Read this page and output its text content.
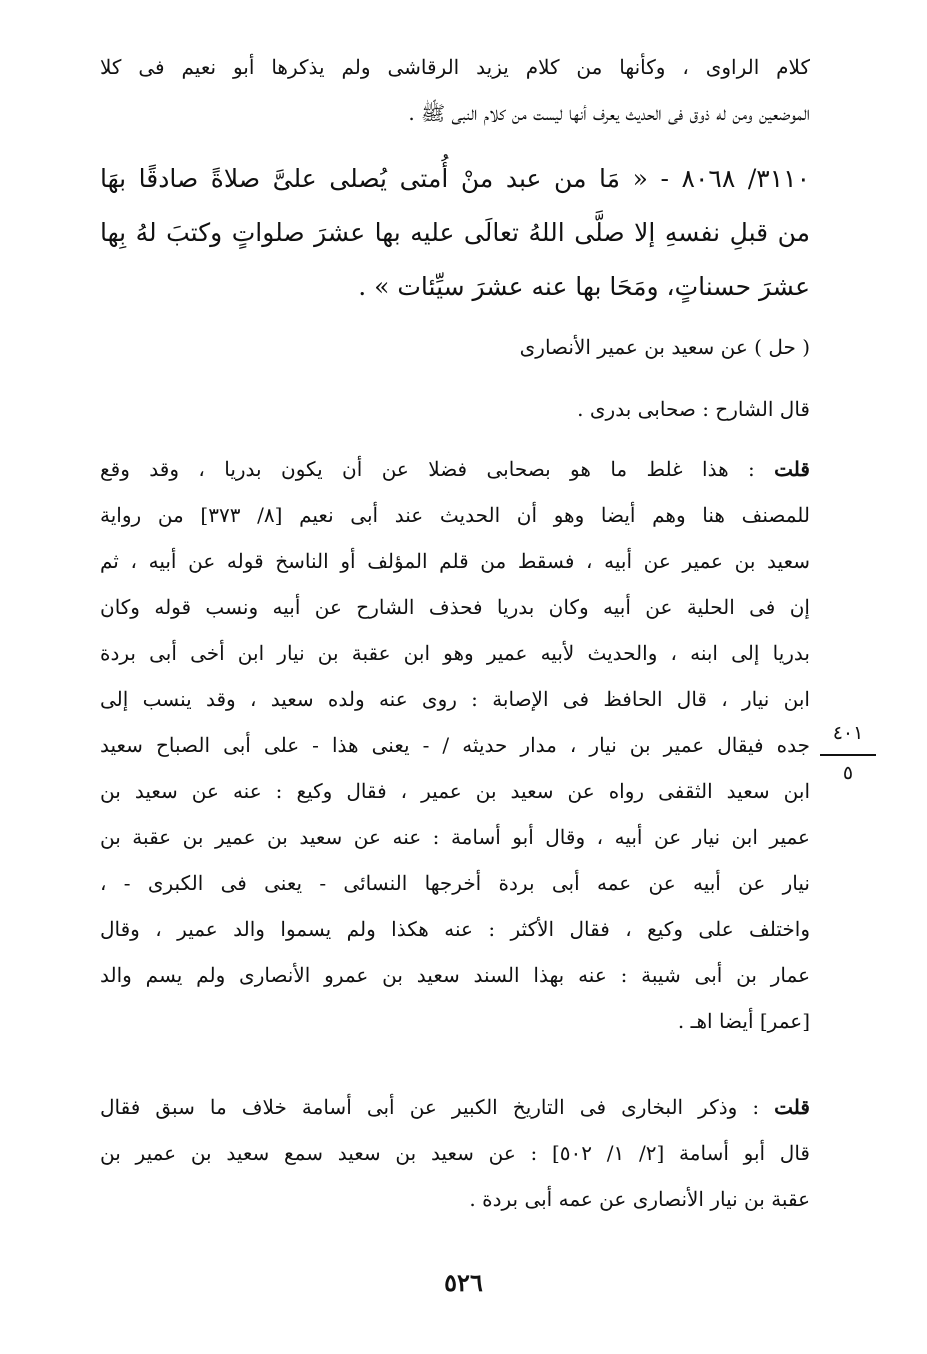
كلام الراوى ، وكأنها من كلام يزيد الرقاشى ولم يذكرها أبو نعيم فى كلا
الموضعين ومن له ذوق فى الحديث يعرف أنها ليست من كلام النبى ﷺ .
٣١١٠/ ٨٠٦٨ - « مَا من عبد منْ أُمتى يُصلى علىَّ صلاةً صادقًا بهَا
من قبلِ نفسهِ إلا صلَّى اللهُ تعالَى عليه بها عشرَ صلواتٍ وكتبَ لهُ بِها
عشرَ حسناتٍ، ومَحَا بها عنه عشرَ سيِّئات » .
( حل ) عن سعيد بن عمير الأنصارى
قال الشارح : صحابى بدرى .
قلت : هذا غلط ما هو بصحابى فضلا عن أن يكون بدريا ، وقد وقع
للمصنف هنا وهم أيضا وهو أن الحديث عند أبى نعيم [٨/ ٣٧٣] من رواية
سعيد بن عمير عن أبيه ، فسقط من قلم المؤلف أو الناسخ قوله عن أبيه ، ثم
إن فى الحلية عن أبيه وكان بدريا فحذف الشارح عن أبيه ونسب قوله وكان
بدريا إلى ابنه ، والحديث لأبيه عمير وهو ابن عقبة بن نيار ابن أخى أبى بردة
ابن نيار ، قال الحافظ فى الإصابة : روى عنه ولده سعيد ، وقد ينسب إلى
جده فيقال عمير بن نيار ، مدار حديثه / - يعنى هذا - على أبى الصباح سعيد
ابن سعيد الثقفى رواه عن سعيد بن عمير ، فقال وكيع : عنه عن سعيد بن
عمير ابن نيار عن أبيه ، وقال أبو أسامة : عنه عن سعيد بن عمير بن عقبة بن
نيار عن أبيه عن عمه أبى بردة أخرجها النسائى - يعنى فى الكبرى - ،
واختلف على وكيع ، فقال الأكثر : عنه هكذا ولم يسموا والد عمير ، وقال
عمار بن أبى شيبة : عنه بهذا السند سعيد بن عمرو الأنصارى ولم يسم والد
[عمر] أيضا اهـ .
قلت : وذكر البخارى فى التاريخ الكبير عن أبى أسامة خلاف ما سبق فقال
قال أبو أسامة [٢/ ١/ ٥٠٢] : عن سعيد بن سعيد سمع سعيد بن عمير بن
عقبة بن نيار الأنصارى عن عمه أبى بردة .
٤٠١
٥
٥٢٦
